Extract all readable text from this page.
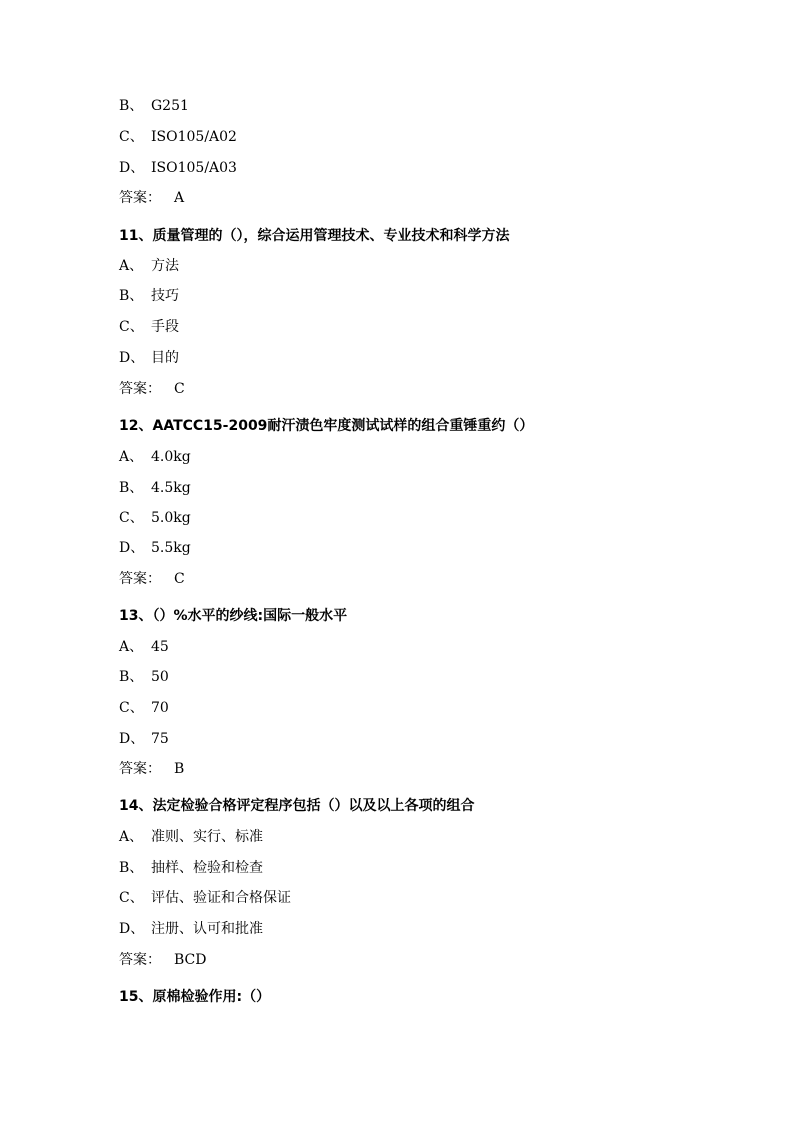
B、 G251
C、 ISO105/A02
D、 ISO105/A03
答案： A
11、质量管理的（），综合运用管理技术、专业技术和科学方法
A、 方法
B、 技巧
C、 手段
D、 目的
答案： C
12、AATCC15-2009耐汗渍色牢度测试试样的组合重锤重约（）
A、 4.0kg
B、 4.5kg
C、 5.0kg
D、 5.5kg
答案： C
13、（）%水平的纱线:国际一般水平
A、 45
B、 50
C、 70
D、 75
答案： B
14、法定检验合格评定程序包括（）以及以上各项的组合
A、 准则、实行、标准
B、 抽样、检验和检查
C、 评估、验证和合格保证
D、 注册、认可和批准
答案： BCD
15、原棉检验作用:（）
